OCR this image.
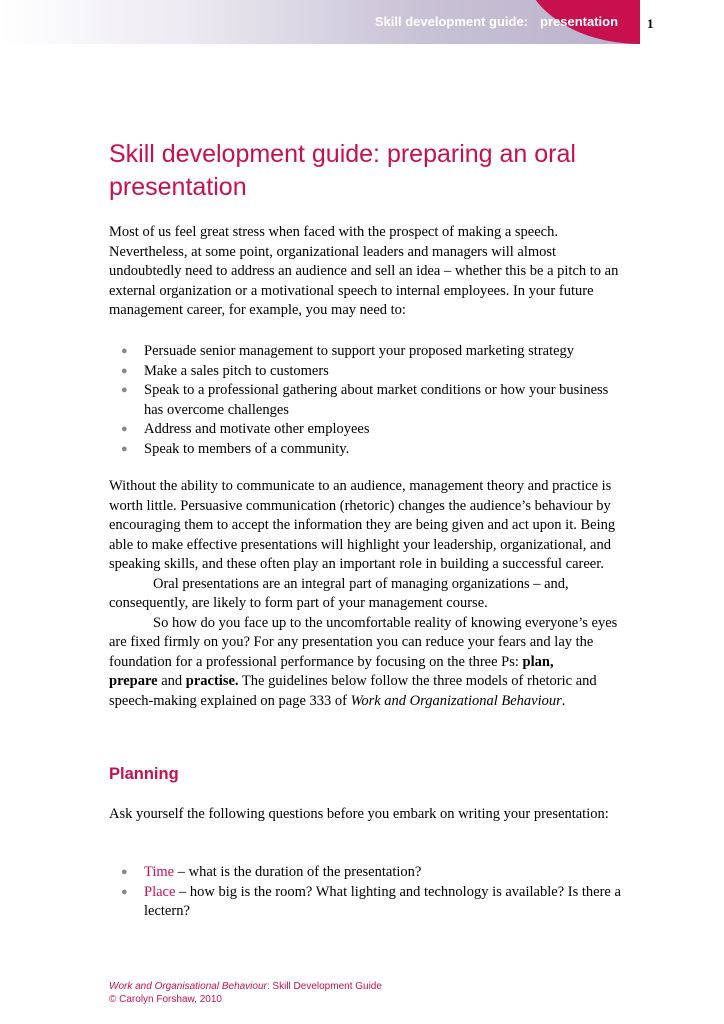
Skill development guide: presentation 1
Skill development guide: preparing an oral presentation

Most of us feel great stress when faced with the prospect of making a speech. Nevertheless, at some point, organizational leaders and managers will almost undoubtedly need to address an audience and sell an idea – whether this be a pitch to an external organization or a motivational speech to internal employees. In your future management career, for example, you may need to:

● Persuade senior management to support your proposed marketing strategy
● Make a sales pitch to customers
● Speak to a professional gathering about market conditions or how your business has overcome challenges
● Address and motivate other employees
● Speak to members of a community.

Without the ability to communicate to an audience, management theory and practice is worth little. Persuasive communication (rhetoric) changes the audience’s behaviour by encouraging them to accept the information they are being given and act upon it. Being able to make effective presentations will highlight your leadership, organizational, and speaking skills, and these often play an important role in building a successful career.

Oral presentations are an integral part of managing organizations – and, consequently, are likely to form part of your management course.

So how do you face up to the uncomfortable reality of knowing everyone’s eyes are fixed firmly on you? For any presentation you can reduce your fears and lay the foundation for a professional performance by focusing on the three Ps: plan,
prepare and practise. The guidelines below follow the three models of rhetoric and speech-making explained on page 333 of Work and Organizational Behaviour.

Planning

Ask yourself the following questions before you embark on writing your presentation:

● Time – what is the duration of the presentation?
● Place – how big is the room? What lighting and technology is available? Is there a lectern?
Work and Organisational Behaviour: Skill Development Guide
© Carolyn Forshaw, 2010
